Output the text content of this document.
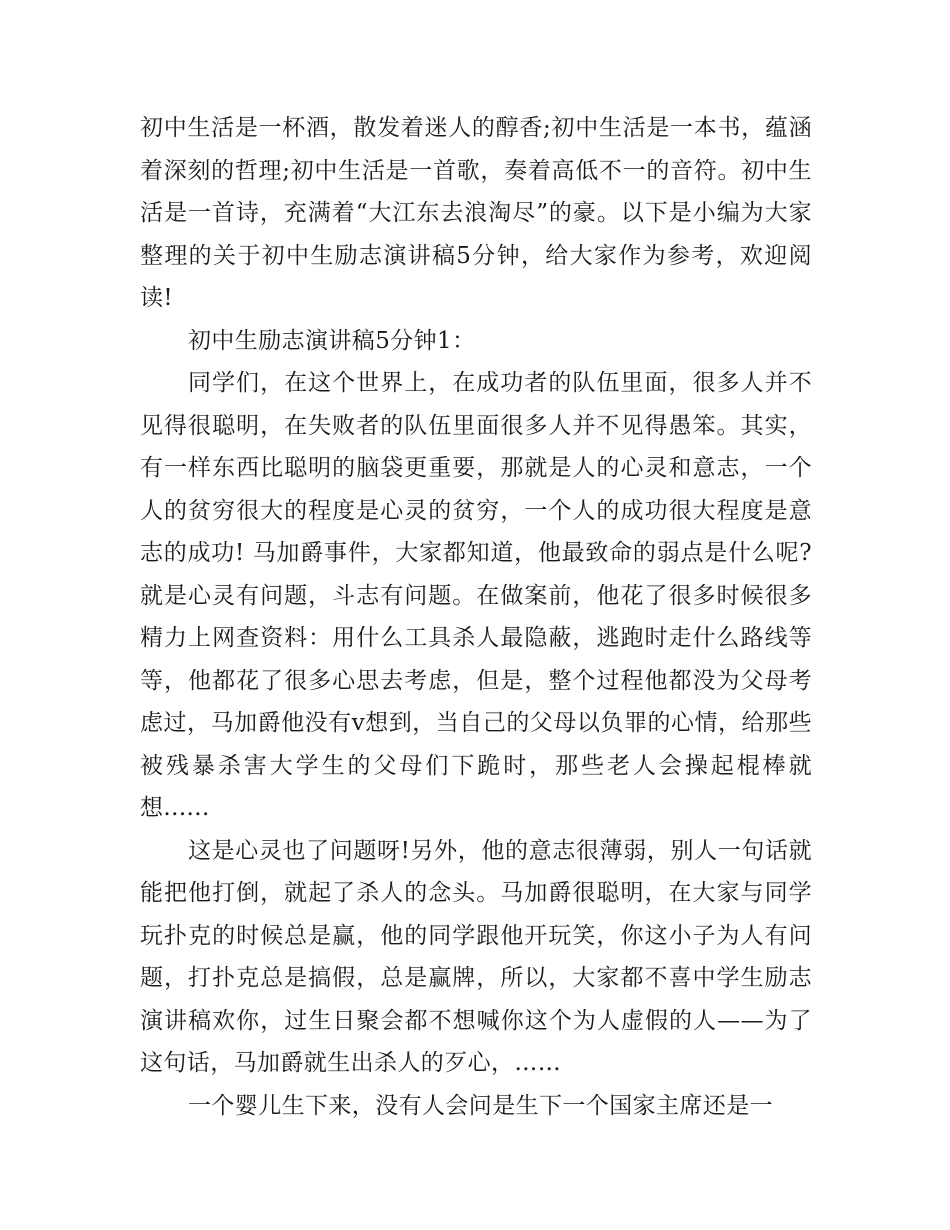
初中生活是一杯酒，散发着迷人的醇香;初中生活是一本书，蕴涵着深刻的哲理;初中生活是一首歌，奏着高低不一的音符。初中生活是一首诗，充满着“大江东去浪淘尽”的豪。以下是小编为大家整理的关于初中生励志演讲稿5分钟，给大家作为参考，欢迎阅读!

初中生励志演讲稿5分钟1：

同学们，在这个世界上，在成功者的队伍里面，很多人并不见得很聪明，在失败者的队伍里面很多人并不见得愚笨。其实，有一样东西比聪明的脑袋更重要，那就是人的心灵和意志，一个人的贫穷很大的程度是心灵的贫穷，一个人的成功很大程度是意志的成功! 马加爵事件，大家都知道，他最致命的弱点是什么呢?就是心灵有问题，斗志有问题。在做案前，他花了很多时候很多精力上网查资料：用什么工具杀人最隐蔽，逃跑时走什么路线等等，他都花了很多心思去考虑，但是，整个过程他都没为父母考虑过，马加爵他没有v想到，当自己的父母以负罪的心情，给那些被残暴杀害大学生的父母们下跪时，那些老人会操起棍棒就想......

这是心灵也了问题呀!另外，他的意志很薄弱，别人一句话就能把他打倒，就起了杀人的念头。马加爵很聪明，在大家与同学玩扑克的时候总是赢，他的同学跟他开玩笑，你这小子为人有问题，打扑克总是搞假，总是赢牌，所以，大家都不喜中学生励志演讲稿欢你，过生日聚会都不想喊你这个为人虚假的人——为了这句话，马加爵就生出杀人的歹心，……

一个婴儿生下来，没有人会问是生下一个国家主席还是一
